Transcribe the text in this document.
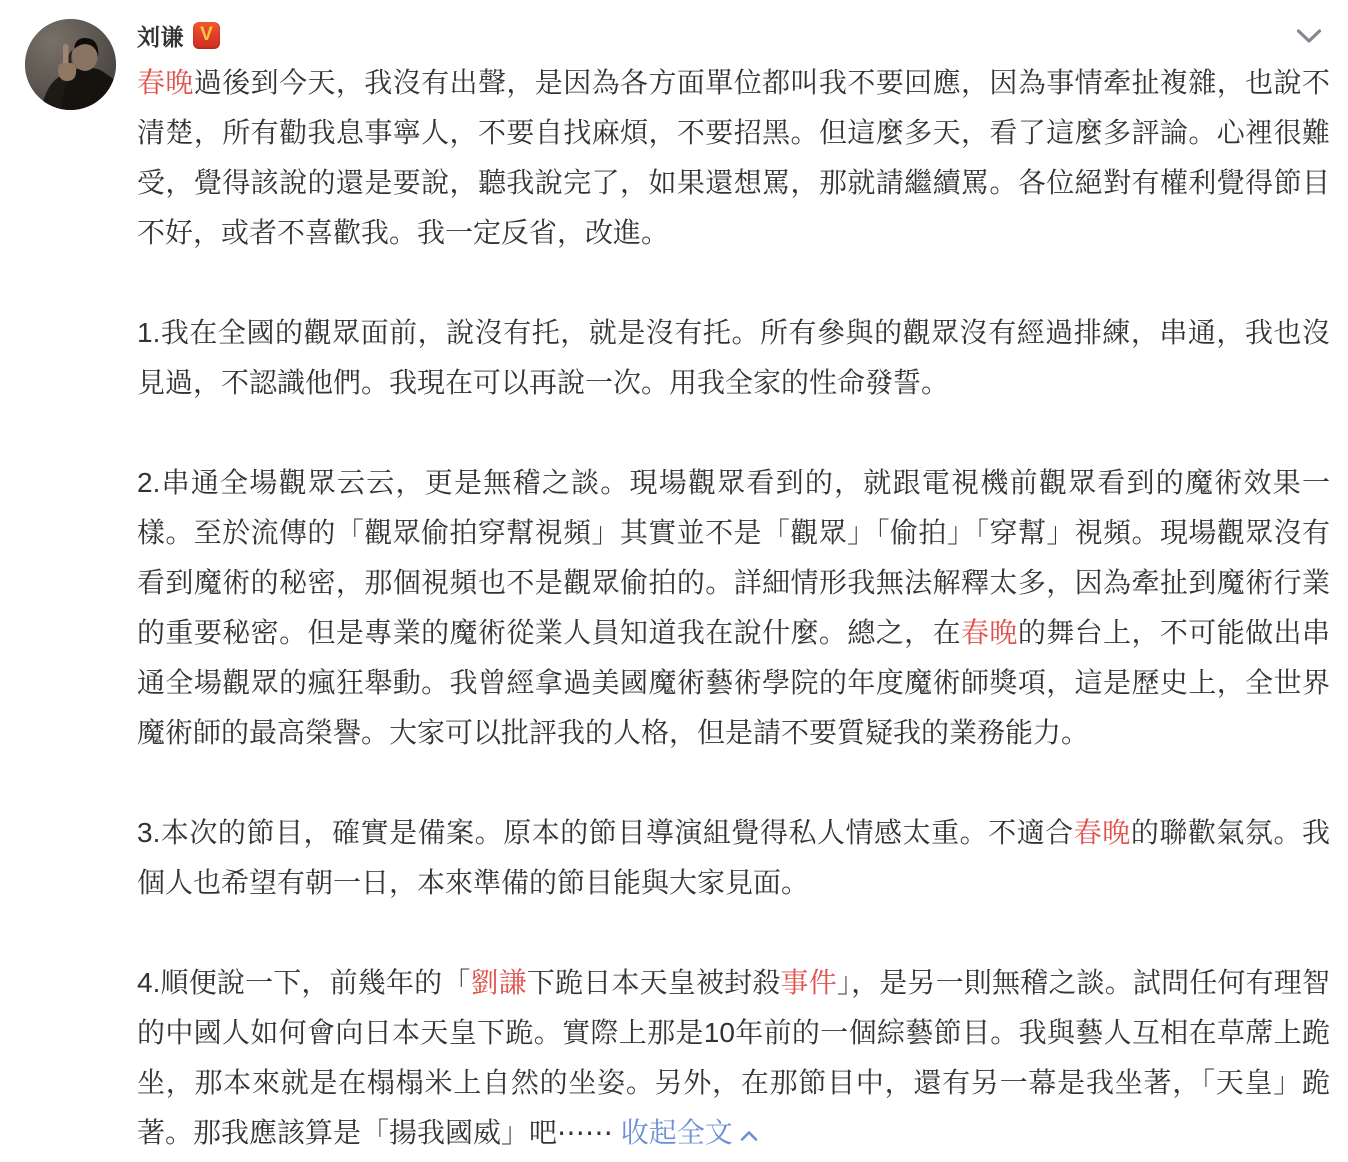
刘谦 V

春晚過後到今天，我沒有出聲，是因為各方面單位都叫我不要回應，因為事情牽扯複雜，也說不清楚，所有勸我息事寧人，不要自找麻煩，不要招黑。但這麼多天，看了這麼多評論。心裡很難受，覺得該說的還是要說，聽我說完了，如果還想罵，那就請繼續罵。各位絕對有權利覺得節目不好，或者不喜歡我。我一定反省，改進。

1.我在全國的觀眾面前，說沒有托，就是沒有托。所有參與的觀眾沒有經過排練，串通，我也沒見過，不認識他們。我現在可以再說一次。用我全家的性命發誓。

2.串通全場觀眾云云，更是無稽之談。現場觀眾看到的，就跟電視機前觀眾看到的魔術效果一樣。至於流傳的「觀眾偷拍穿幫視頻」其實並不是「觀眾」「偷拍」「穿幫」視頻。現場觀眾沒有看到魔術的秘密，那個視頻也不是觀眾偷拍的。詳細情形我無法解釋太多，因為牽扯到魔術行業的重要秘密。但是專業的魔術從業人員知道我在說什麼。總之，在春晚的舞台上，不可能做出串通全場觀眾的瘋狂舉動。我曾經拿過美國魔術藝術學院的年度魔術師獎項，這是歷史上，全世界魔術師的最高榮譽。大家可以批評我的人格，但是請不要質疑我的業務能力。

3.本次的節目，確實是備案。原本的節目導演組覺得私人情感太重。不適合春晚的聯歡氣氛。我個人也希望有朝一日，本來準備的節目能與大家見面。

4.順便說一下，前幾年的「劉謙下跪日本天皇被封殺事件」，是另一則無稽之談。試問任何有理智的中國人如何會向日本天皇下跪。實際上那是10年前的一個綜藝節目。我與藝人互相在草蓆上跪坐，那本來就是在榻榻米上自然的坐姿。另外，在那節目中，還有另一幕是我坐著，「天皇」跪著。那我應該算是「揚我國威」吧⋯⋯ 收起全文
